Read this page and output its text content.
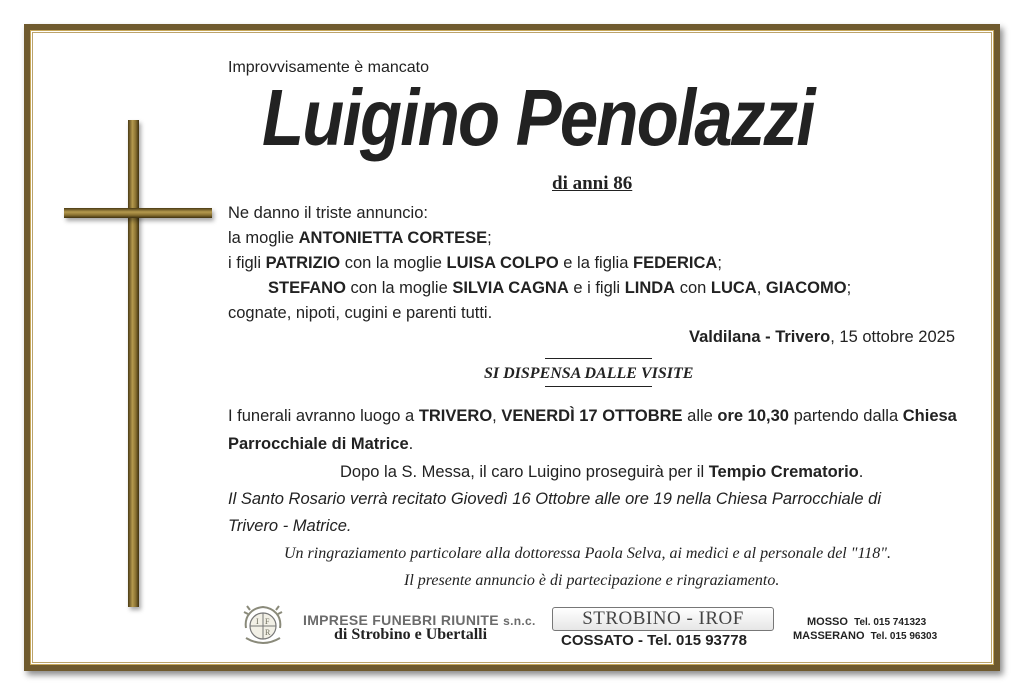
Improvvisamente è mancato
Luigino Penolazzi
di anni 86
Ne danno il triste annuncio:
la moglie ANTONIETTA CORTESE;
i figli PATRIZIO con la moglie LUISA COLPO e la figlia FEDERICA;
STEFANO con la moglie SILVIA CAGNA e i figli LINDA con LUCA, GIACOMO;
cognate, nipoti, cugini e parenti tutti.
Valdilana - Trivero, 15 ottobre 2025
SI DISPENSA DALLE VISITE
I funerali avranno luogo a TRIVERO, VENERDÌ 17 OTTOBRE alle ore 10,30 partendo dalla Chiesa
Parrocchiale di Matrice.
Dopo la S. Messa, il caro Luigino proseguirà per il Tempio Crematorio.
Il Santo Rosario verrà recitato Giovedì 16 Ottobre alle ore 19 nella Chiesa Parrocchiale di
Trivero - Matrice.
Un ringraziamento particolare alla dottoressa Paola Selva, ai medici e al personale del "118".
Il presente annuncio è di partecipazione e ringraziamento.
I F
R
IMPRESE FUNEBRI RIUNITE s.n.c.
di Strobino e Ubertalli
STROBINO - IROF
COSSATO - Tel. 015 93778
MOSSO Tel. 015 741323
MASSERANO Tel. 015 96303
